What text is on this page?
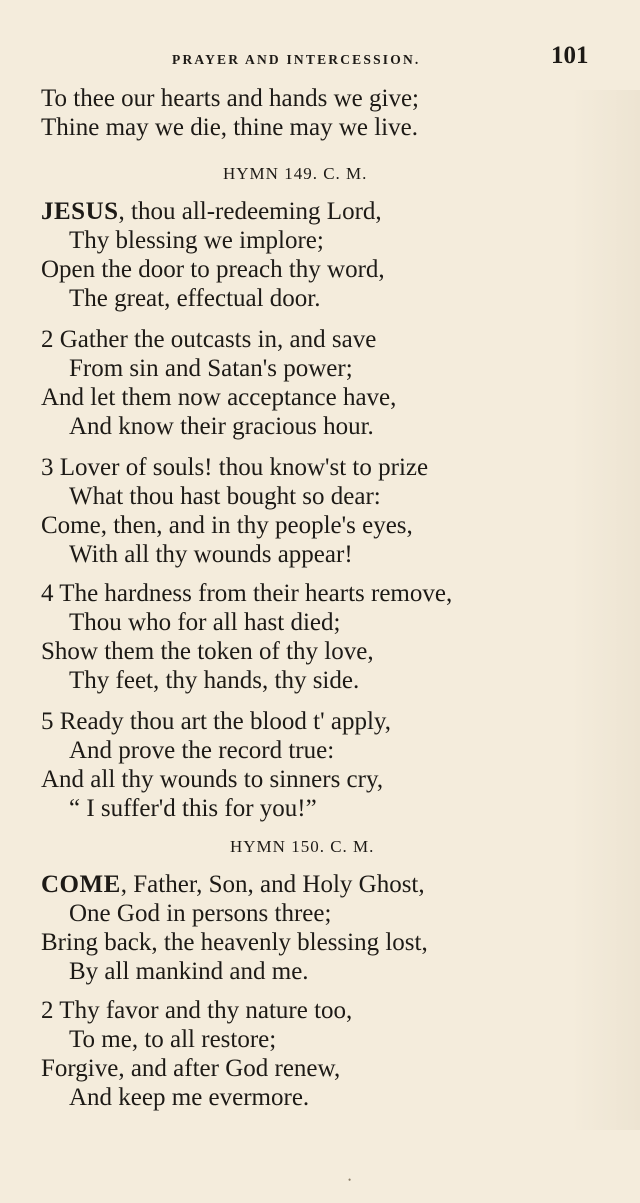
PRAYER AND INTERCESSION.	101
To thee our hearts and hands we give;
Thine may we die, thine may we live.
HYMN 149. C. M.
JESUS, thou all-redeeming Lord,
Thy blessing we implore;
Open the door to preach thy word,
The great, effectual door.
2 Gather the outcasts in, and save
From sin and Satan's power;
And let them now acceptance have,
And know their gracious hour.
3 Lover of souls! thou know'st to prize
What thou hast bought so dear:
Come, then, and in thy people's eyes,
With all thy wounds appear!
4 The hardness from their hearts remove,
Thou who for all hast died;
Show them the token of thy love,
Thy feet, thy hands, thy side.
5 Ready thou art the blood t' apply,
And prove the record true:
And all thy wounds to sinners cry,
“ I suffer'd this for you!”
HYMN 150. C. M.
COME, Father, Son, and Holy Ghost,
One God in persons three;
Bring back, the heavenly blessing lost,
By all mankind and me.
2 Thy favor and thy nature too,
To me, to all restore;
Forgive, and after God renew,
And keep me evermore.
•
